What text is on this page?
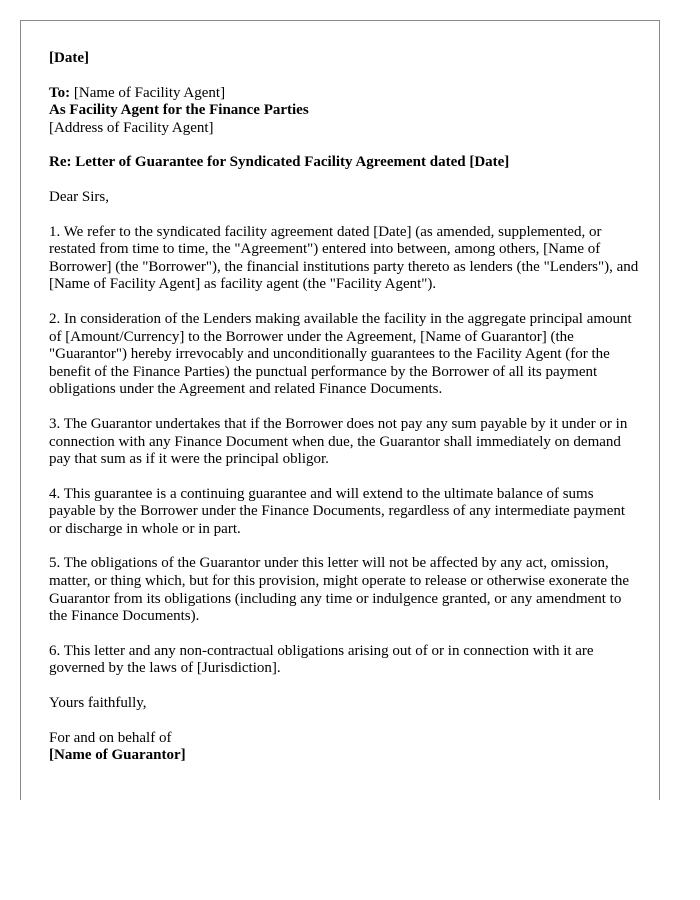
[Date]

To: [Name of Facility Agent]

As Facility Agent for the Finance Parties

[Address of Facility Agent]

Re: Letter of Guarantee for Syndicated Facility Agreement dated [Date]

Dear Sirs,

1. We refer to the syndicated facility agreement dated [Date] (as amended, supplemented, or restated from time to time, the "Agreement") entered into between, among others, [Name of Borrower] (the "Borrower"), the financial institutions party thereto as lenders (the "Lenders"), and [Name of Facility Agent] as facility agent (the "Facility Agent").

2. In consideration of the Lenders making available the facility in the aggregate principal amount of [Amount/Currency] to the Borrower under the Agreement, [Name of Guarantor] (the "Guarantor") hereby irrevocably and unconditionally guarantees to the Facility Agent (for the benefit of the Finance Parties) the punctual performance by the Borrower of all its payment obligations under the Agreement and related Finance Documents.

3. The Guarantor undertakes that if the Borrower does not pay any sum payable by it under or in connection with any Finance Document when due, the Guarantor shall immediately on demand pay that sum as if it were the principal obligor.

4. This guarantee is a continuing guarantee and will extend to the ultimate balance of sums payable by the Borrower under the Finance Documents, regardless of any intermediate payment or discharge in whole or in part.

5. The obligations of the Guarantor under this letter will not be affected by any act, omission, matter, or thing which, but for this provision, might operate to release or otherwise exonerate the Guarantor from its obligations (including any time or indulgence granted, or any amendment to the Finance Documents).

6. This letter and any non-contractual obligations arising out of or in connection with it are governed by the laws of [Jurisdiction].

Yours faithfully,

For and on behalf of

[Name of Guarantor]
